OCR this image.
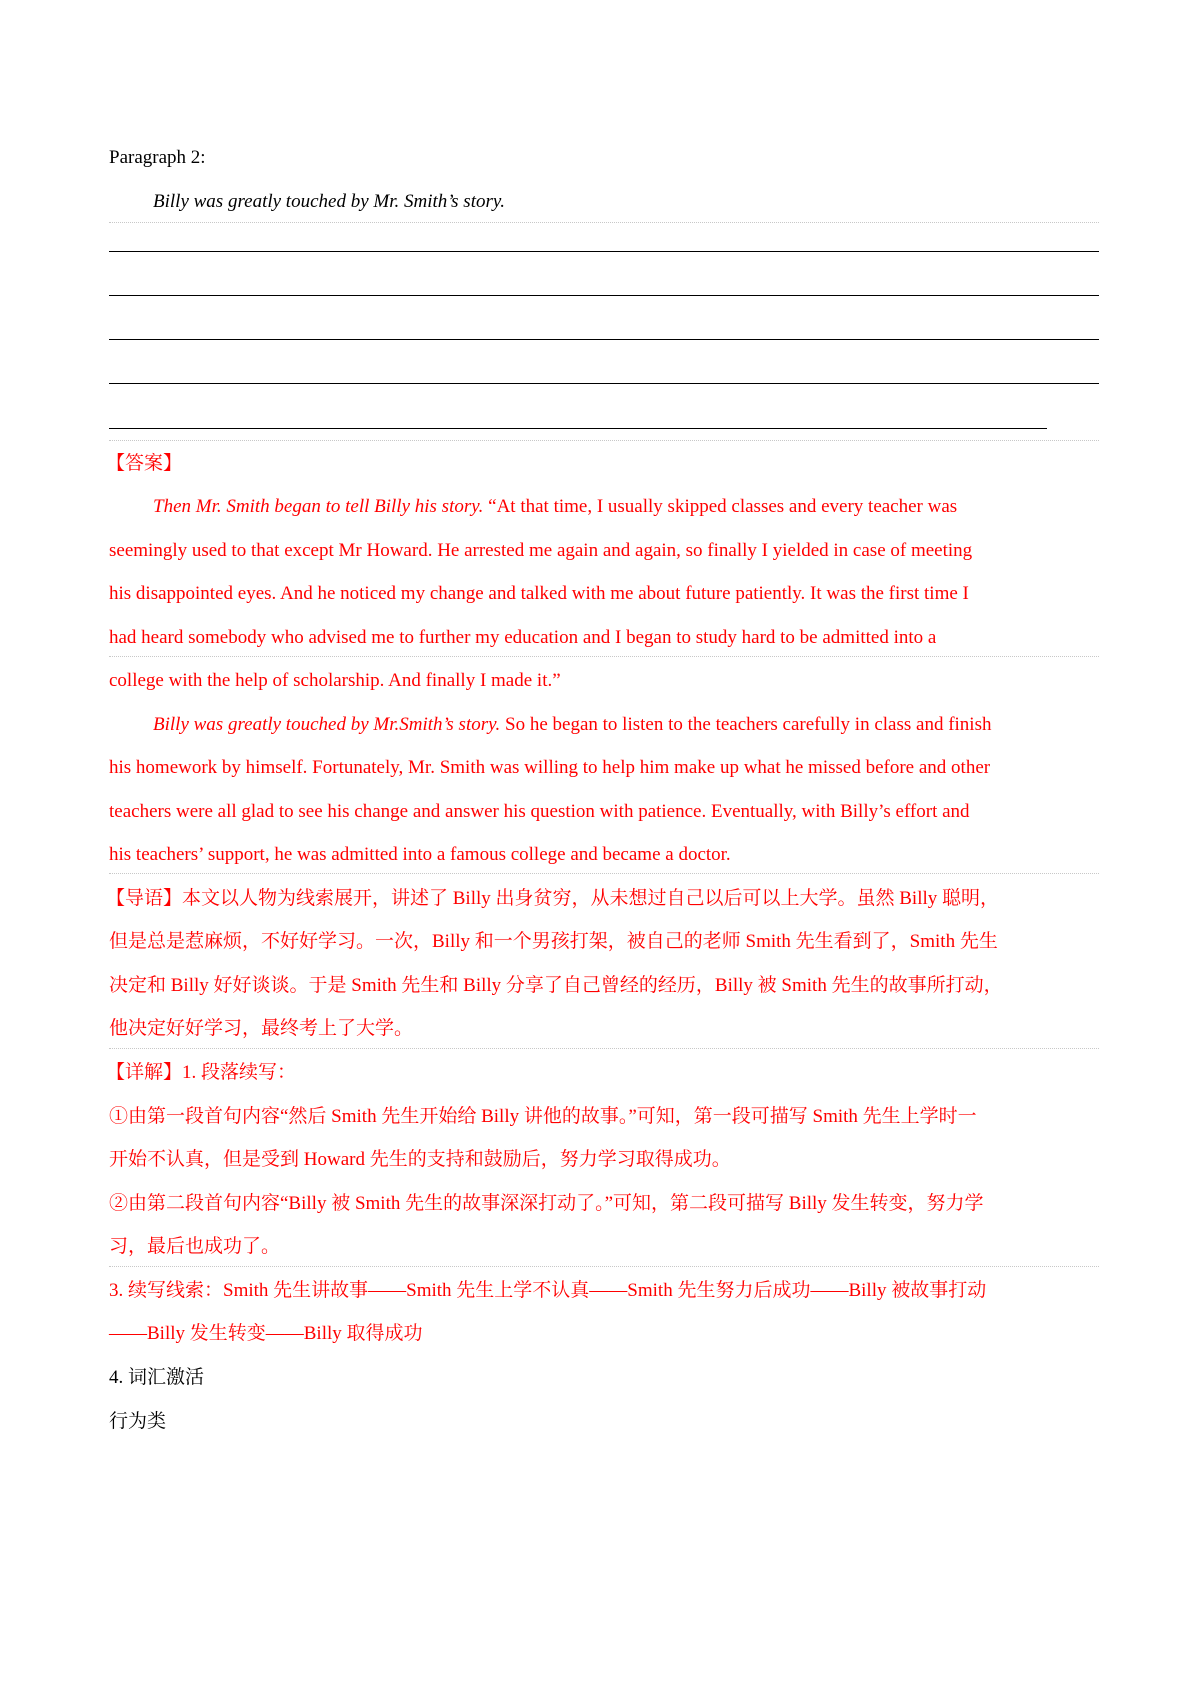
Paragraph 2:
Billy was greatly touched by Mr. Smith’s story.
【答案】
Then Mr. Smith began to tell Billy his story. “At that time, I usually skipped classes and every teacher was
seemingly used to that except Mr Howard. He arrested me again and again, so finally I yielded in case of meeting
his disappointed eyes. And he noticed my change and talked with me about future patiently. It was the first time I
had heard somebody who advised me to further my education and I began to study hard to be admitted into a
college with the help of scholarship. And finally I made it.”
Billy was greatly touched by Mr.Smith’s story. So he began to listen to the teachers carefully in class and finish
his homework by himself. Fortunately, Mr. Smith was willing to help him make up what he missed before and other
teachers were all glad to see his change and answer his question with patience. Eventually, with Billy’s effort and
his teachers’ support, he was admitted into a famous college and became a doctor.
【导语】本文以人物为线索展开，讲述了 Billy 出身贫穷，从未想过自己以后可以上大学。虽然 Billy 聪明，
但是总是惹麻烦，不好好学习。一次，Billy 和一个男孩打架，被自己的老师 Smith 先生看到了，Smith 先生
决定和 Billy 好好谈谈。于是 Smith 先生和 Billy 分享了自己曾经的经历，Billy 被 Smith 先生的故事所打动，
他决定好好学习，最终考上了大学。
【详解】1. 段落续写：
①由第一段首句内容“然后 Smith 先生开始给 Billy 讲他的故事。”可知，第一段可描写 Smith 先生上学时一
开始不认真，但是受到 Howard 先生的支持和鼓励后，努力学习取得成功。
②由第二段首句内容“Billy 被 Smith 先生的故事深深打动了。”可知，第二段可描写 Billy 发生转变，努力学
习，最后也成功了。
3. 续写线索：Smith 先生讲故事——Smith 先生上学不认真——Smith 先生努力后成功——Billy 被故事打动
——Billy 发生转变——Billy 取得成功
4. 词汇激活
行为类
